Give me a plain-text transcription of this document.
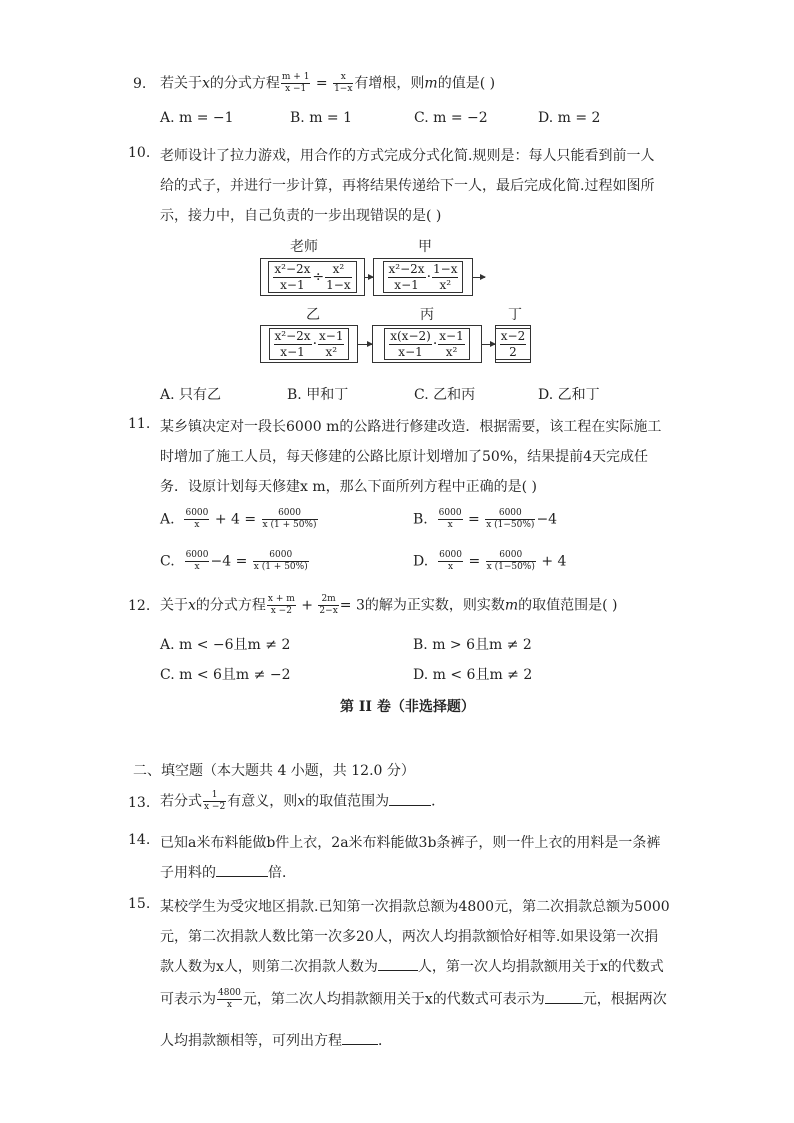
9. 若关于x的分式方程 $\frac{m + 1}{x -1} = \frac{x}{1-x}$ 有增根，则m的值是( )
A. m = −1	B. m = 1	C. m = −2	D. m = 2
10. 老师设计了拉力游戏，用合作的方式完成分式化简.规则是：每人只能看到前一人
给的式子，并进行一步计算，再将结果传递给下一人，最后完成化简.过程如图所
示，接力中，自己负责的一步出现错误的是( )
老师	甲
$\frac{\text{x²−2x}}{x-1} \div \frac{\text{x²}}{1-x}$	$\frac{\text{x²−2x}}{x-1} \cdot \frac{1-x}{\text{x²}}$
乙	丙	丁
$\frac{\text{x²−2x}}{x-1} \cdot \frac{x-1}{\text{x²}}$	$\frac{x(x-2)}{x-1} \cdot \frac{x-1}{\text{x²}}$	$\frac{x-2}{2}$
A. 只有乙	B. 甲和丁	C. 乙和丙	D. 乙和丁
11. 某乡镇决定对一段长6000 m的公路进行修建改造．根据需要，该工程在实际施工
时增加了施工人员，每天修建的公路比原计划增加了50%，结果提前4天完成任
务．设原计划每天修建x m，那么下面所列方程中正确的是( )
A. $\frac{6000}{x} + 4 = \frac{6000}{x (1 + 50\%)}$	B. $\frac{6000}{x} = \frac{6000}{x (1-50\%)} -4$
C. $\frac{6000}{x} -4 = \frac{6000}{x (1 + 50\%)}$	D. $\frac{6000}{x} = \frac{6000}{x (1-50\%)} + 4$
12. 关于x的分式方程 $\frac{x + m}{x -2} + \frac{2m}{2-x} = 3$的解为正实数，则实数m的取值范围是( )
A. m < −6且m ≠ 2	B. m > 6且m ≠ 2
C. m < 6且m ≠ −2	D. m < 6且m ≠ 2
第 II 卷（非选择题）
二、填空题（本大题共 4 小题，共 12.0 分）
13. 若分式 $\frac{1}{x -2}$ 有意义，则x的取值范围为	．
14. 已知a米布料能做b件上衣，2a米布料能做3b条裤子，则一件上衣的用料是一条裤
子用料的	倍．
15. 某校学生为受灾地区捐款.已知第一次捐款总额为4800元，第二次捐款总额为5000
元，第二次捐款人数比第一次多20人，两次人均捐款额恰好相等.如果设第一次捐
款人数为x人，则第二次捐款人数为	人，第一次人均捐款额用关于x的代数式
可表示为 $\frac{4800}{x}$ 元，第二次人均捐款额用关于x的代数式可表示为	元，根据两次
人均捐款额相等，可列出方程	．
